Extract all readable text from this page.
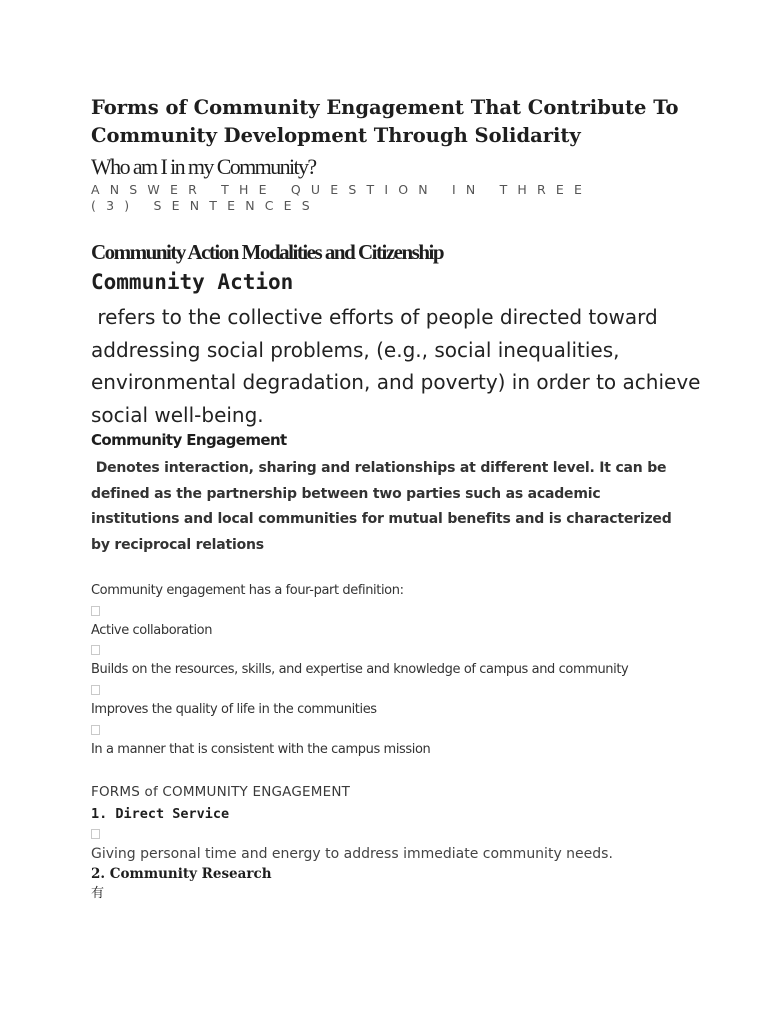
Forms of Community Engagement That Contribute To Community Development Through Solidarity
Who am I in my Community?
ANSWER THE QUESTION IN THREE (3) SENTENCES
Community Action Modalities and Citizenship
Community Action
refers to the collective efforts of people directed toward addressing social problems, (e.g., social inequalities, environmental degradation, and poverty) in order to achieve social well-being.
Community Engagement
Denotes interaction, sharing and relationships at different level. It can be defined as the partnership between two parties such as academic institutions and local communities for mutual benefits and is characterized by reciprocal relations
Community engagement has a four-part definition:
Active collaboration
Builds on the resources, skills, and expertise and knowledge of campus and community
Improves the quality of life in the communities
In a manner that is consistent with the campus mission
FORMS of COMMUNITY ENGAGEMENT
1. Direct Service
Giving personal time and energy to address immediate community needs.
2. Community Research
有
